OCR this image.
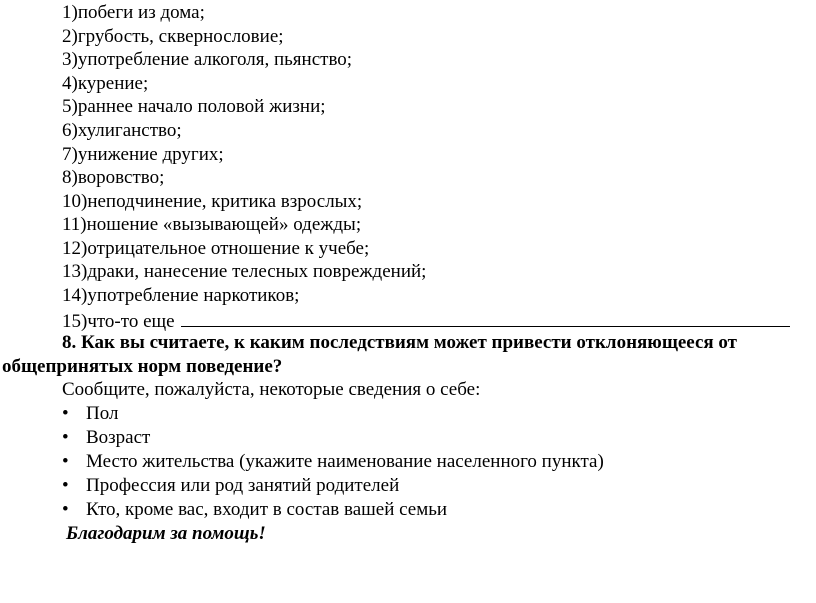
1)побеги из дома;
2)грубость, сквернословие;
3)употребление алкоголя, пьянство;
4)курение;
5)раннее начало половой жизни;
6)хулиганство;
7)унижение других;
8)воровство;
10)неподчинение, критика взрослых;
11)ношение «вызывающей» одежды;
12)отрицательное отношение к учебе;
13)драки, нанесение телесных повреждений;
14)употребление наркотиков;
15)что-то еще
8. Как вы считаете, к каким последствиям может привести отклоняющееся от
общепринятых норм поведение?
Сообщите, пожалуйста, некоторые сведения о себе:
• Пол
• Возраст
• Место жительства (укажите наименование населенного пункта)
• Профессия или род занятий родителей
• Кто, кроме вас, входит в состав вашей семьи
Благодарим за помощь!
